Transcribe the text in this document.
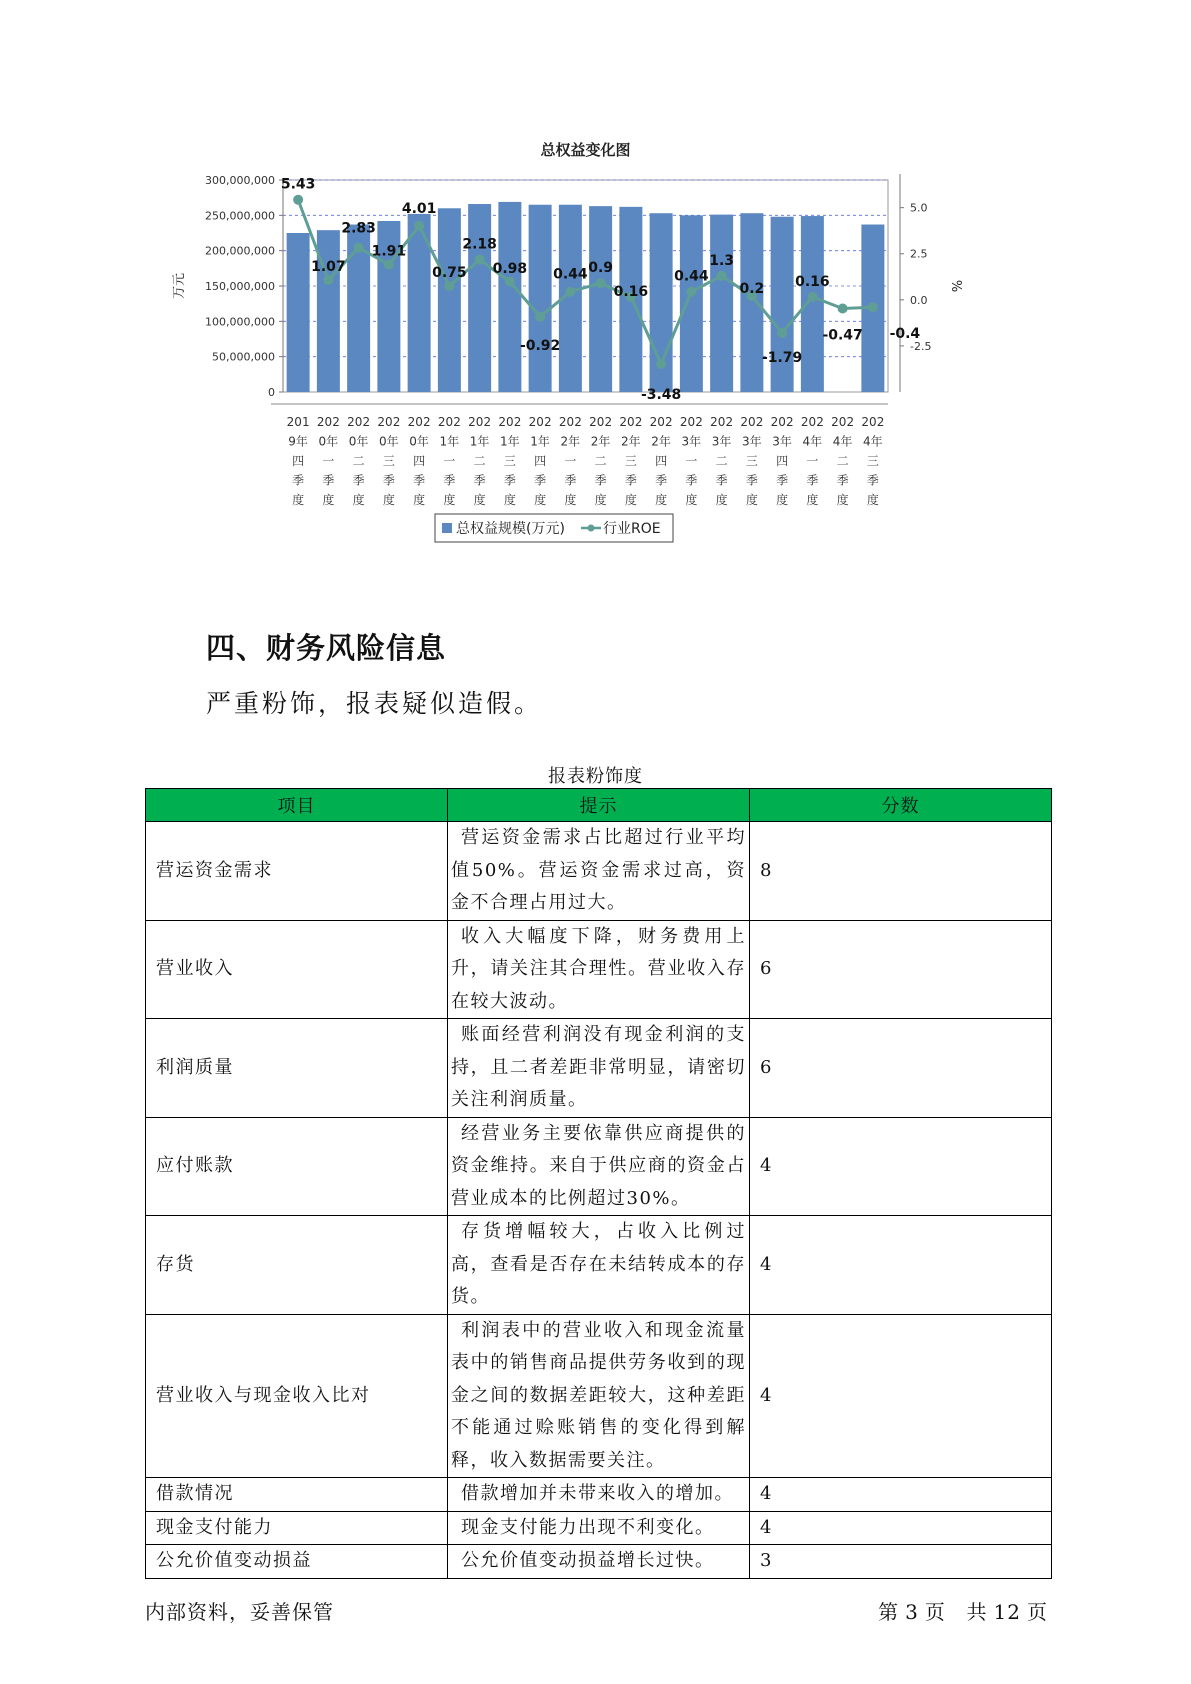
总权益变化图
300,000,000
250,000,000
200,000,000
150,000,000
100,000,000
50,000,000
0
万元
5.0
2.5
0.0
-2.5
%
5.43
1.07
2.83
1.91
4.01
0.75
2.18
0.98
-0.92
0.44 0.9
0.16
-3.48
0.44
1.3
0.2
-1.79
0.16
-0.47 -0.4
201
9年
四
季
度
202
0年
一
季
度
202
0年
二
季
度
202
0年
三
季
度
202
0年
四
季
度
202
1年
一
季
度
202
1年
二
季
度
202
1年
三
季
度
202
1年
四
季
度
202
2年
一
季
度
202
2年
二
季
度
202
2年
三
季
度
202
2年
四
季
度
202
3年
一
季
度
202
3年
二
季
度
202
3年
三
季
度
202
3年
四
季
度
202
4年
一
季
度
202
4年
二
季
度
202
4年
三
季
度
总权益规模(万元)	行业ROE
四、财务风险信息

严重粉饰，报表疑似造假。

报表粉饰度
项目	提示	分数
营运资金需求	营运资金需求占比超过行业平均值50%。营运资金需求过高，资金不合理占用过大。	8
营业收入	收入大幅度下降，财务费用上升，请关注其合理性。营业收入存在较大波动。	6
利润质量	账面经营利润没有现金利润的支持，且二者差距非常明显，请密切关注利润质量。	6
应付账款	经营业务主要依靠供应商提供的资金维持。来自于供应商的资金占营业成本的比例超过30%。	4
存货	存货增幅较大，占收入比例过高，查看是否存在未结转成本的存货。	4
营业收入与现金收入比对	利润表中的营业收入和现金流量表中的销售商品提供劳务收到的现金之间的数据差距较大，这种差距不能通过赊账销售的变化得到解释，收入数据需要关注。	4
借款情况	借款增加并未带来收入的增加。	4
现金支付能力	现金支付能力出现不利变化。	4
公允价值变动损益	公允价值变动损益增长过快。	3
内部资料，妥善保管	第 3 页 共 12 页
